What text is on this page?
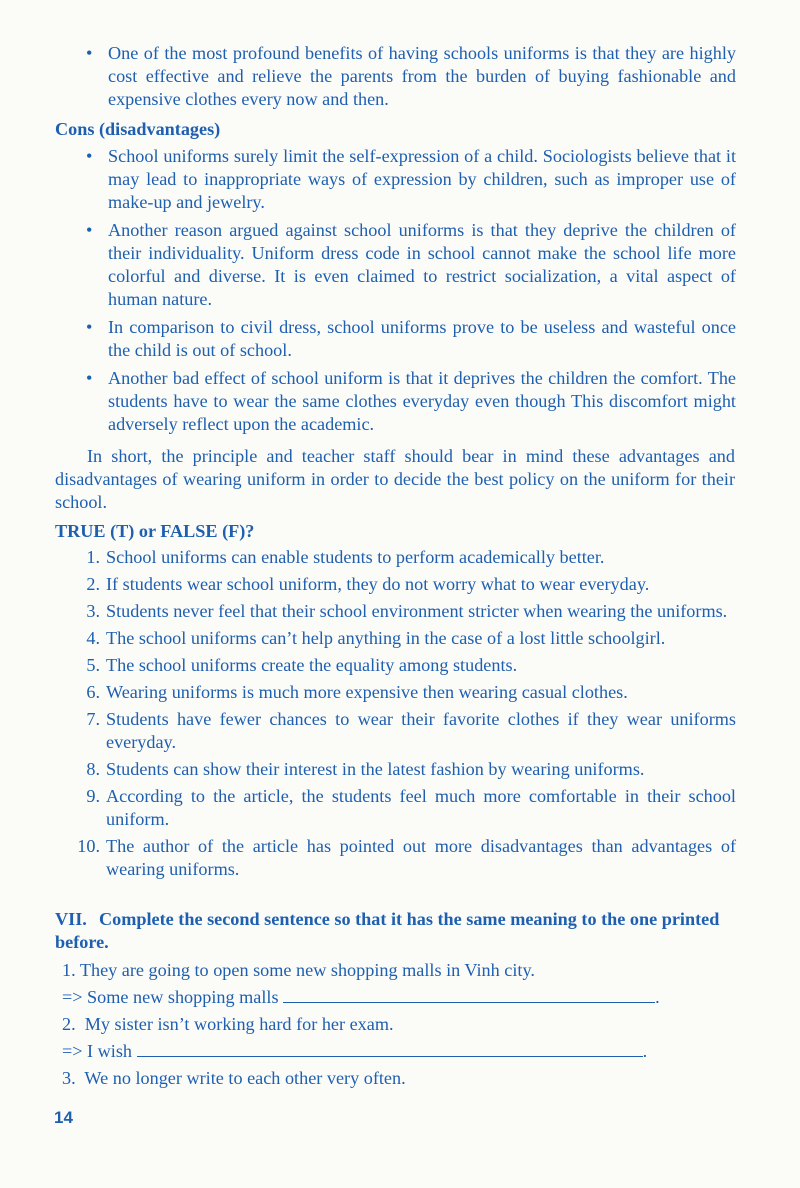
• One of the most profound benefits of having schools uniforms is that they are highly cost effective and relieve the parents from the burden of buying fashionable and expensive clothes every now and then.
Cons (disadvantages)
• School uniforms surely limit the self-expression of a child. Sociologists believe that it may lead to inappropriate ways of expression by children, such as improper use of make-up and jewelry.
• Another reason argued against school uniforms is that they deprive the children of their individuality. Uniform dress code in school cannot make the school life more colorful and diverse. It is even claimed to restrict socialization, a vital aspect of human nature.
• In comparison to civil dress, school uniforms prove to be useless and wasteful once the child is out of school.
• Another bad effect of school uniform is that it deprives the children the comfort. The students have to wear the same clothes everyday even though This discomfort might adversely reflect upon the academic.
In short, the principle and teacher staff should bear in mind these advantages and disadvantages of wearing uniform in order to decide the best policy on the uniform for their school.
TRUE (T) or FALSE (F)?
1. School uniforms can enable students to perform academically better.
2. If students wear school uniform, they do not worry what to wear everyday.
3. Students never feel that their school environment stricter when wearing the uniforms.
4. The school uniforms can’t help anything in the case of a lost little schoolgirl.
5. The school uniforms create the equality among students.
6. Wearing uniforms is much more expensive then wearing casual clothes.
7. Students have fewer chances to wear their favorite clothes if they wear uniforms everyday.
8. Students can show their interest in the latest fashion by wearing uniforms.
9. According to the article, the students feel much more comfortable in their school uniform.
10. The author of the article has pointed out more disadvantages than advantages of wearing uniforms.
VII. Complete the second sentence so that it has the same meaning to the one printed before.
1. They are going to open some new shopping malls in Vinh city.
=> Some new shopping malls	.
2. My sister isn’t working hard for her exam.
=> I wish	.
3. We no longer write to each other very often.
14
